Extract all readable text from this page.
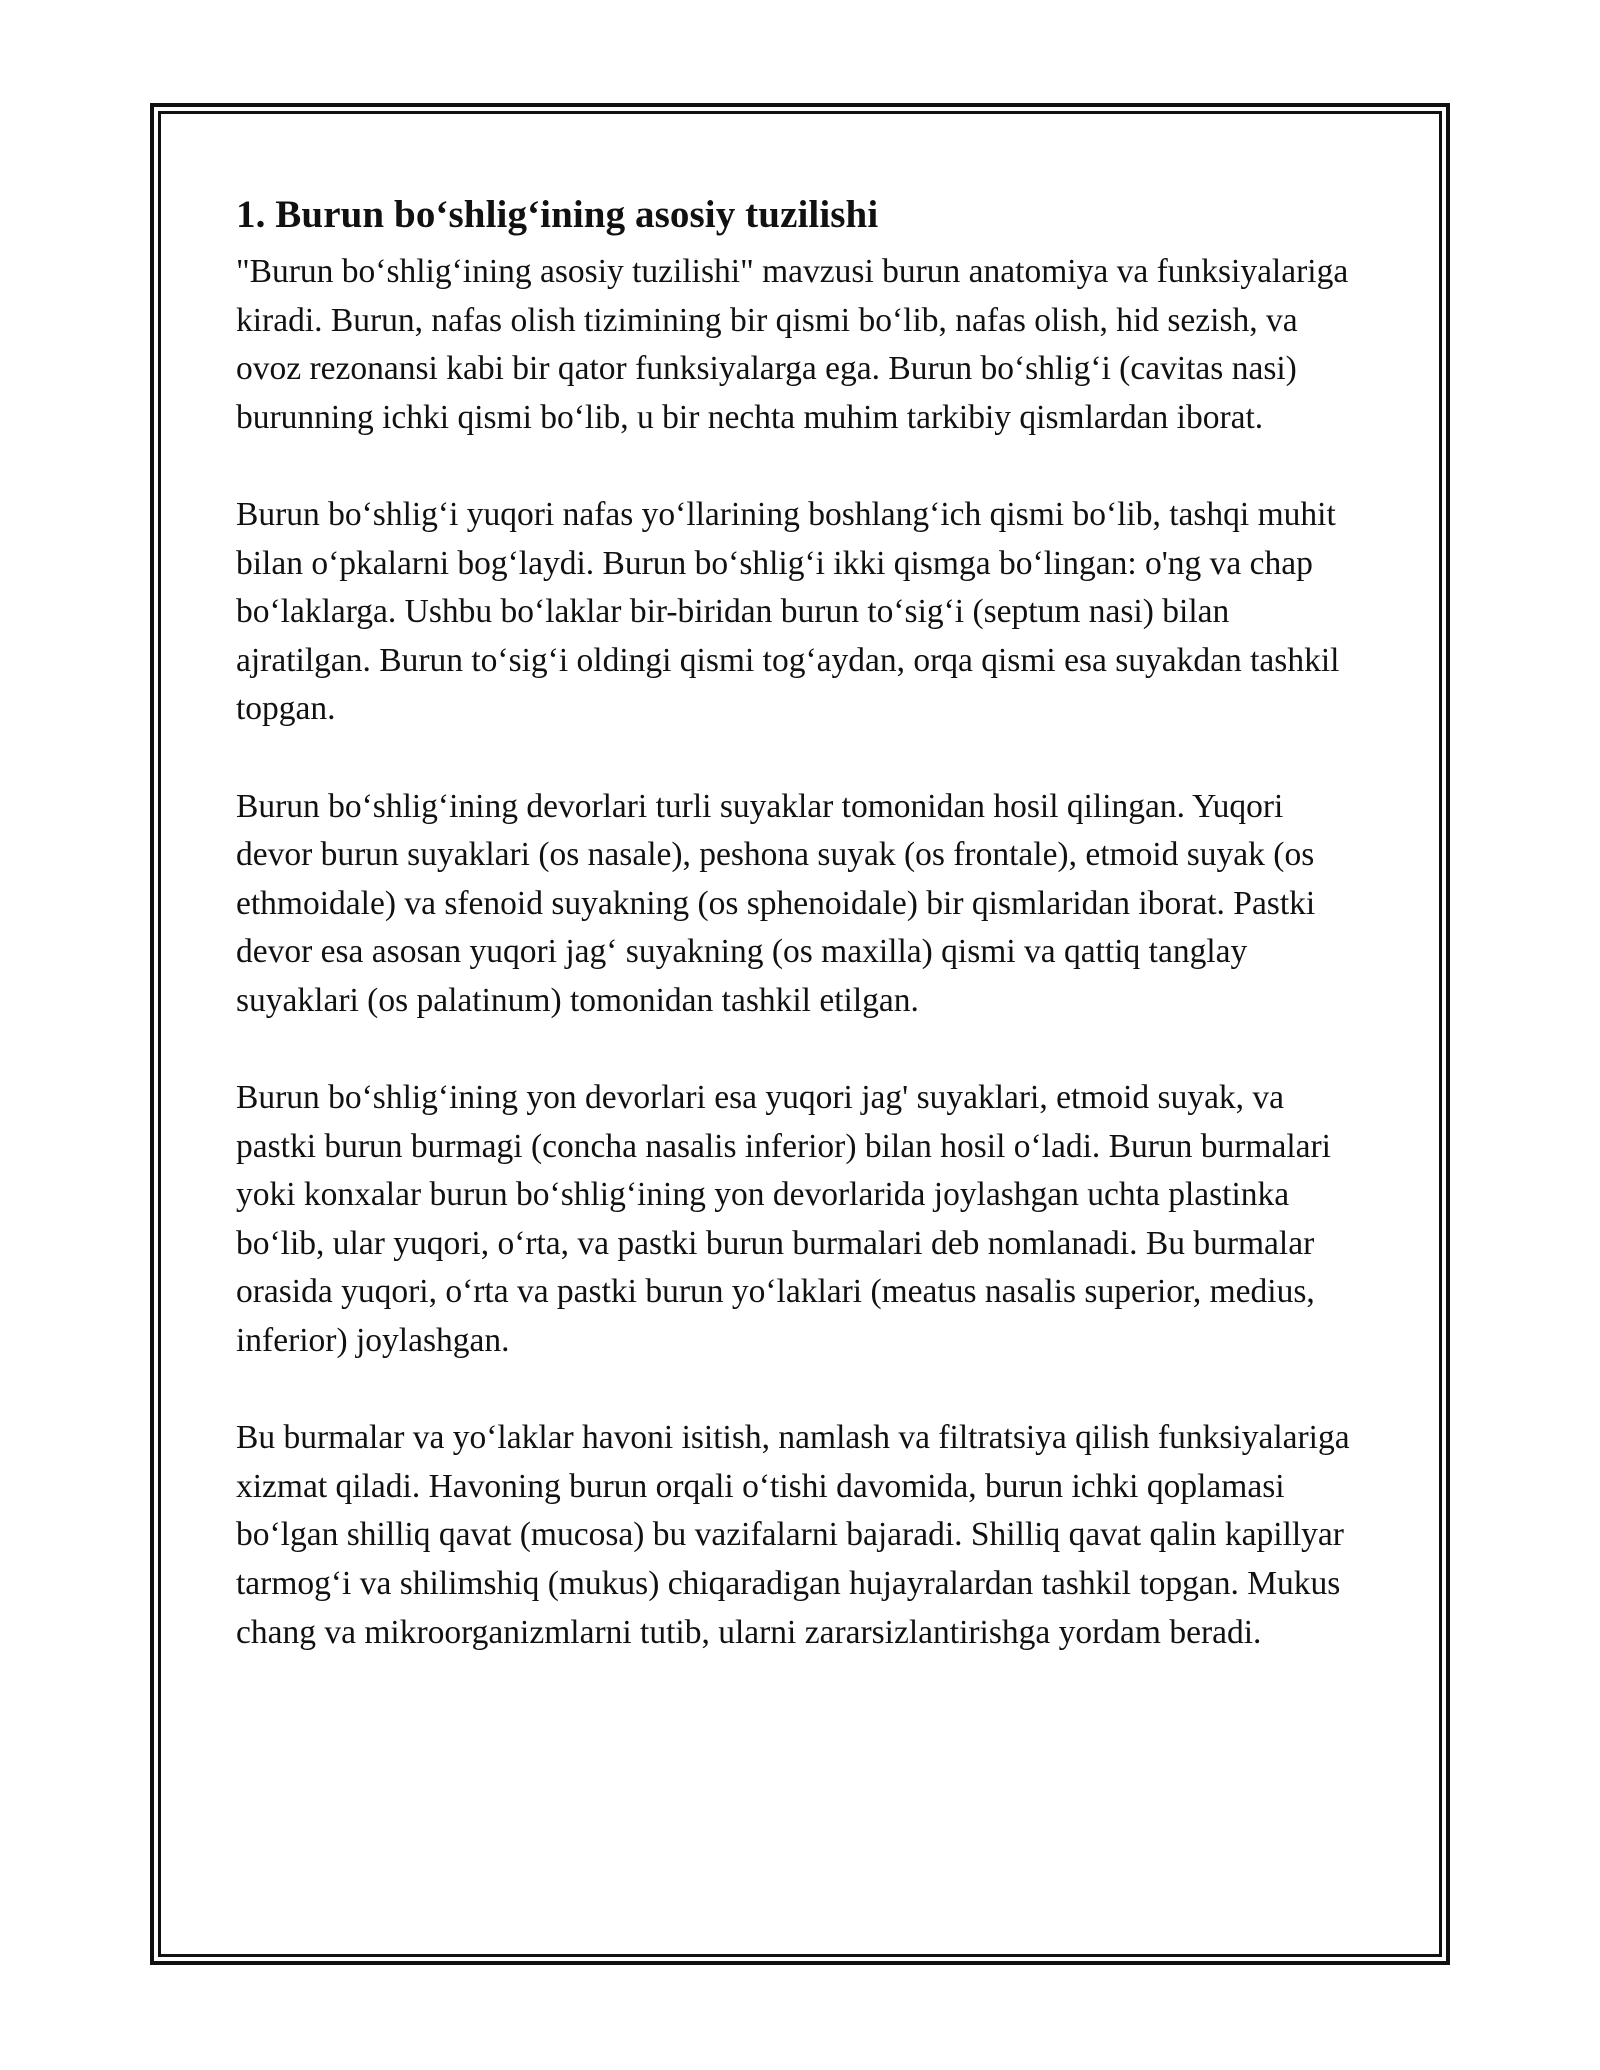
1. Burun bo‘shlig‘ining asosiy tuzilishi

"Burun bo‘shlig‘ining asosiy tuzilishi" mavzusi burun anatomiya va funksiyalariga kiradi. Burun, nafas olish tizimining bir qismi bo‘lib, nafas olish, hid sezish, va ovoz rezonansi kabi bir qator funksiyalarga ega. Burun bo‘shlig‘i (cavitas nasi) burunning ichki qismi bo‘lib, u bir nechta muhim tarkibiy qismlardan iborat.

Burun bo‘shlig‘i yuqori nafas yo‘llarining boshlang‘ich qismi bo‘lib, tashqi muhit bilan o‘pkalarni bog‘laydi. Burun bo‘shlig‘i ikki qismga bo‘lingan: o'ng va chap bo‘laklarga. Ushbu bo‘laklar bir-biridan burun to‘sig‘i (septum nasi) bilan ajratilgan. Burun to‘sig‘i oldingi qismi tog‘aydan, orqa qismi esa suyakdan tashkil topgan.

Burun bo‘shlig‘ining devorlari turli suyaklar tomonidan hosil qilingan. Yuqori devor burun suyaklari (os nasale), peshona suyak (os frontale), etmoid suyak (os ethmoidale) va sfenoid suyakning (os sphenoidale) bir qismlaridan iborat. Pastki devor esa asosan yuqori jag‘ suyakning (os maxilla) qismi va qattiq tanglay suyaklari (os palatinum) tomonidan tashkil etilgan.

Burun bo‘shlig‘ining yon devorlari esa yuqori jag' suyaklari, etmoid suyak, va pastki burun burmagi (concha nasalis inferior) bilan hosil o‘ladi. Burun burmalari yoki konxalar burun bo‘shlig‘ining yon devorlarida joylashgan uchta plastinka bo‘lib, ular yuqori, o‘rta, va pastki burun burmalari deb nomlanadi. Bu burmalar orasida yuqori, o‘rta va pastki burun yo‘laklari (meatus nasalis superior, medius, inferior) joylashgan.

Bu burmalar va yo‘laklar havoni isitish, namlash va filtratsiya qilish funksiyalariga xizmat qiladi. Havoning burun orqali o‘tishi davomida, burun ichki qoplamasi bo‘lgan shilliq qavat (mucosa) bu vazifalarni bajaradi. Shilliq qavat qalin kapillyar tarmog‘i va shilimshiq (mukus) chiqaradigan hujayralardan tashkil topgan. Mukus chang va mikroorganizmlarni tutib, ularni zararsizlantirishga yordam beradi.
